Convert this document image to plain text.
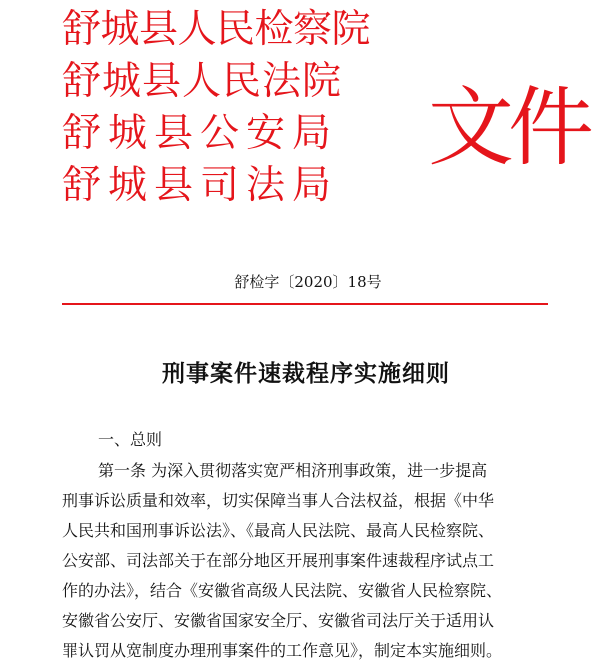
舒城县人民检察院
舒城县人民法院
舒城县公安局
舒城县司法局
文件
舒检字〔2020〕18号
刑事案件速裁程序实施细则
一、总则
第一条 为深入贯彻落实宽严相济刑事政策，进一步提高
刑事诉讼质量和效率，切实保障当事人合法权益，根据《中华
人民共和国刑事诉讼法》、《最高人民法院、最高人民检察院、
公安部、司法部关于在部分地区开展刑事案件速裁程序试点工
作的办法》，结合《安徽省高级人民法院、安徽省人民检察院、
安徽省公安厅、安徽省国家安全厅、安徽省司法厅关于适用认
罪认罚从宽制度办理刑事案件的工作意见》，制定本实施细则。
